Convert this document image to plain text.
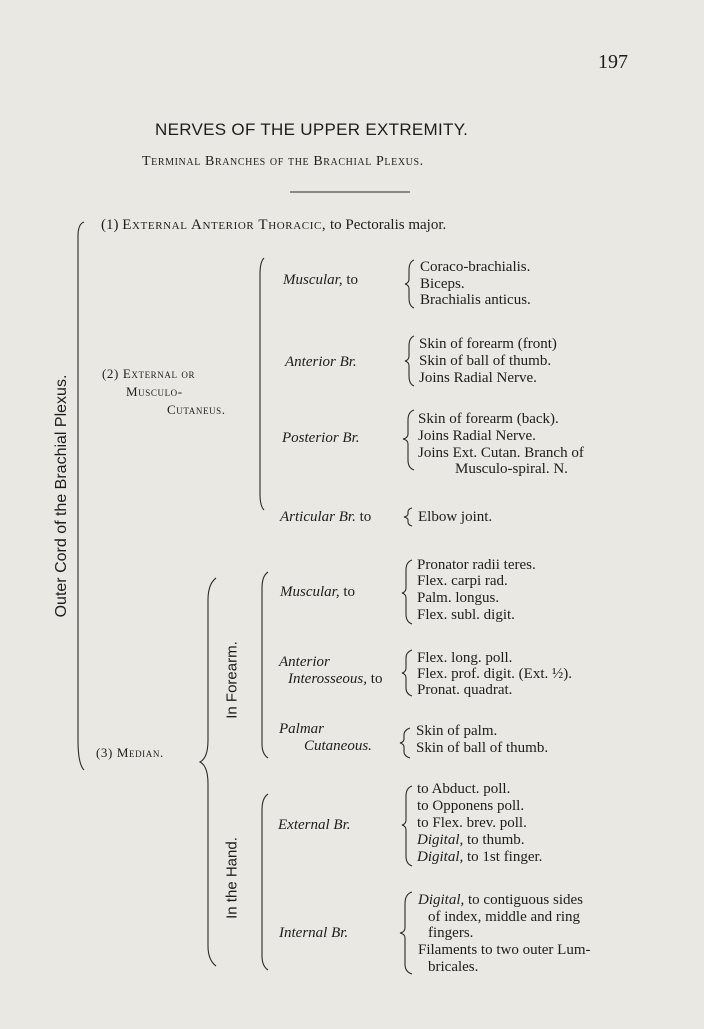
197
NERVES OF THE UPPER EXTREMITY.
Terminal Branches of the Brachial Plexus.
Outer Cord of the Brachial Plexus.
In Forearm.
In the Hand.
(1) External Anterior Thoracic, to Pectoralis major.
(2) External or
Musculo-
Cutaneus.
Muscular, to
Anterior Br.
Posterior Br.
Articular Br. to
Coraco-brachialis.
Biceps.
Brachialis anticus.
Skin of forearm (front)
Skin of ball of thumb.
Joins Radial Nerve.
Skin of forearm (back).
Joins Radial Nerve.
Joins Ext. Cutan. Branch of
Musculo-spiral. N.
Elbow joint.
(3) Median.
Muscular, to
Anterior
Interosseous, to
Palmar
Cutaneous.
External Br.
Internal Br.
Pronator radii teres.
Flex. carpi rad.
Palm. longus.
Flex. subl. digit.
Flex. long. poll.
Flex. prof. digit. (Ext. ½).
Pronat. quadrat.
Skin of palm.
Skin of ball of thumb.
to Abduct. poll.
to Opponens poll.
to Flex. brev. poll.
Digital, to thumb.
Digital, to 1st finger.
Digital, to contiguous sides
of index, middle and ring
fingers.
Filaments to two outer Lum-
bricales.
